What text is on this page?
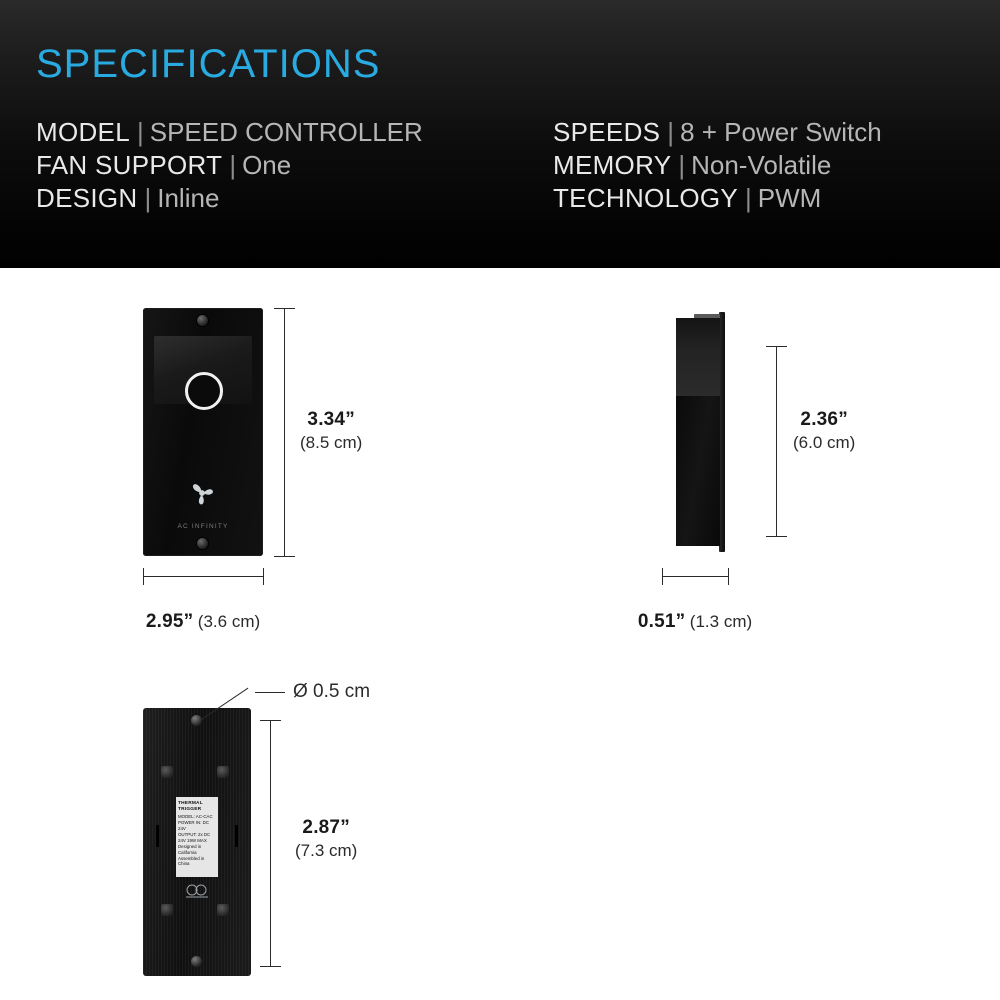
SPECIFICATIONS
MODEL | SPEED CONTROLLER
FAN SUPPORT | One
DESIGN | Inline
SPEEDS | 8 + Power Switch
MEMORY | Non-Volatile
TECHNOLOGY | PWM
AC INFINITY
3.34”
(8.5 cm)
2.95” (3.6 cm)
2.36”
(6.0 cm)
0.51” (1.3 cm)
THERMAL TRIGGER
MODEL: AC-CAC
POWER IN: DC 24V
OUTPUT: 2x DC 24V 19W MAX
Designed in California
Assembled in China
Ø 0.5 cm
2.87”
(7.3 cm)
